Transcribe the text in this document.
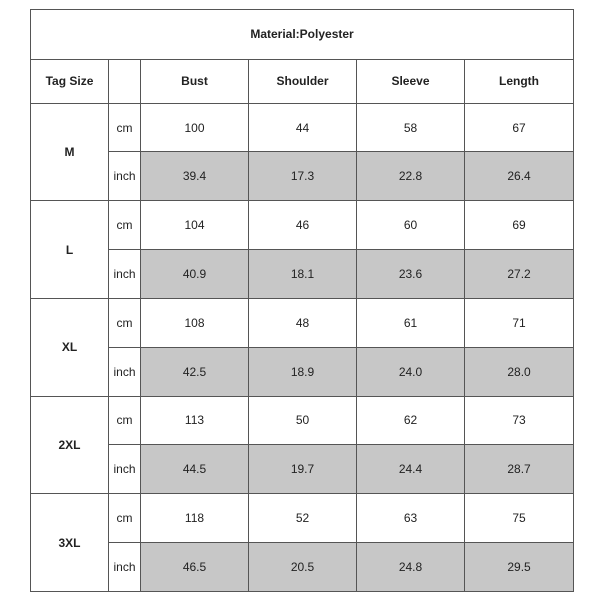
Material:Polyester					
Tag Size		Bust	Shoulder	Sleeve	Length
M	cm	100	44	58	67
	inch	39.4	17.3	22.8	26.4
L	cm	104	46	60	69
	inch	40.9	18.1	23.6	27.2
XL	cm	108	48	61	71
	inch	42.5	18.9	24.0	28.0
2XL	cm	113	50	62	73
	inch	44.5	19.7	24.4	28.7
3XL	cm	118	52	63	75
	inch	46.5	20.5	24.8	29.5
